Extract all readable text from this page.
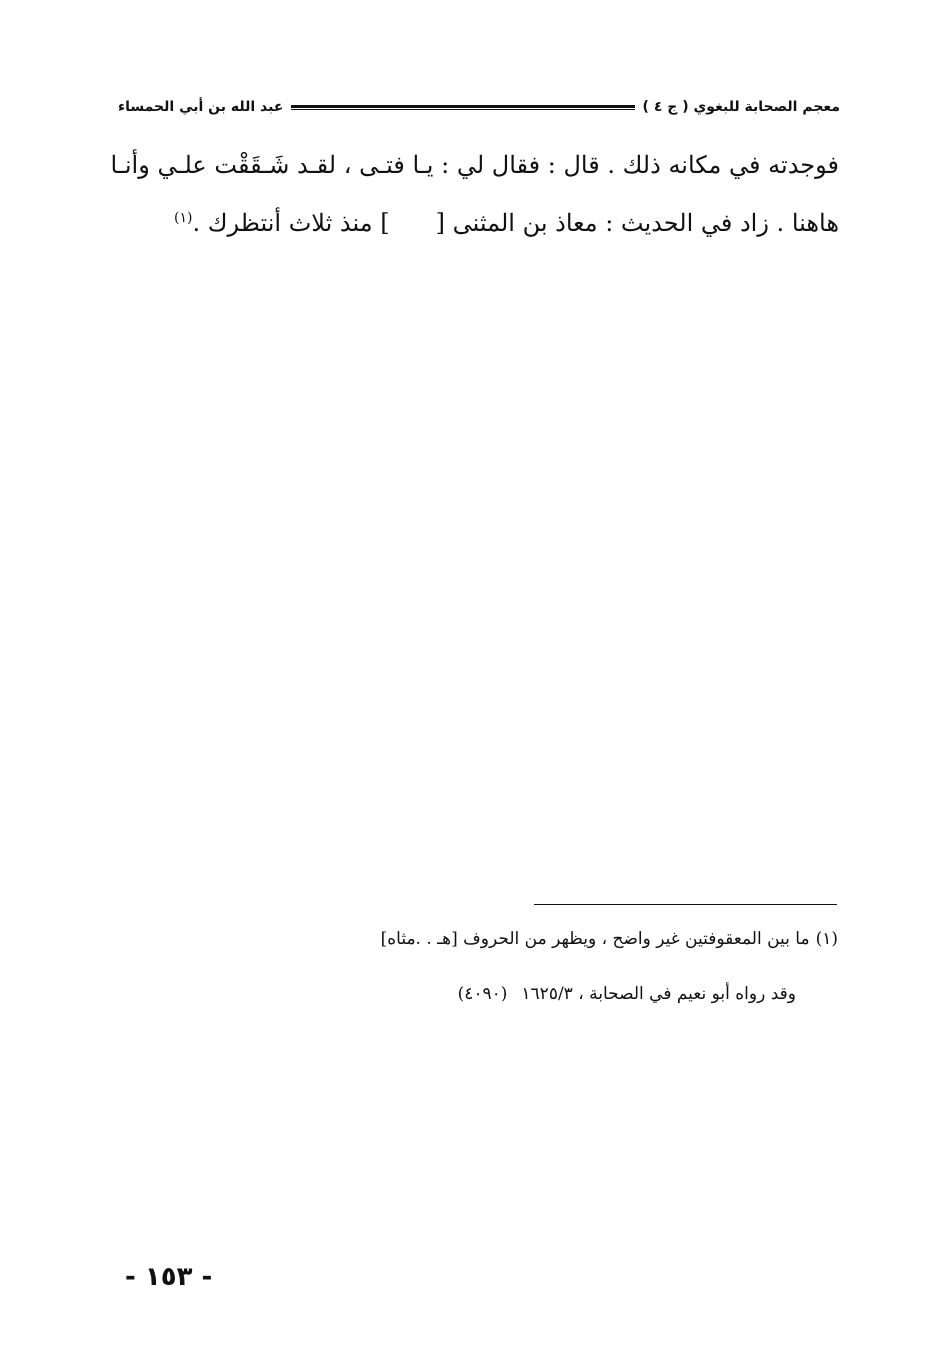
معجم الصحابة للبغوي ( ج ٤ )
عبد الله بن أبي الحمساء
فوجدته في مكانه ذلك . قال : فقال لي : يـا فتـى ، لقـد شَـقَقْت علـي وأنـا
هاهنا . زاد في الحديث : معاذ بن المثنى [] منذ ثلاث أنتظرك .$^{(١)}$
(١)ما بين المعقوفتين غير واضح ، ويظهر من الحروف [هـ . .مثاه]
وقد رواه أبو نعيم في الصحابة ، ١٦٢٥/٣(٤٠٩٠)
- ١٥٣ -
